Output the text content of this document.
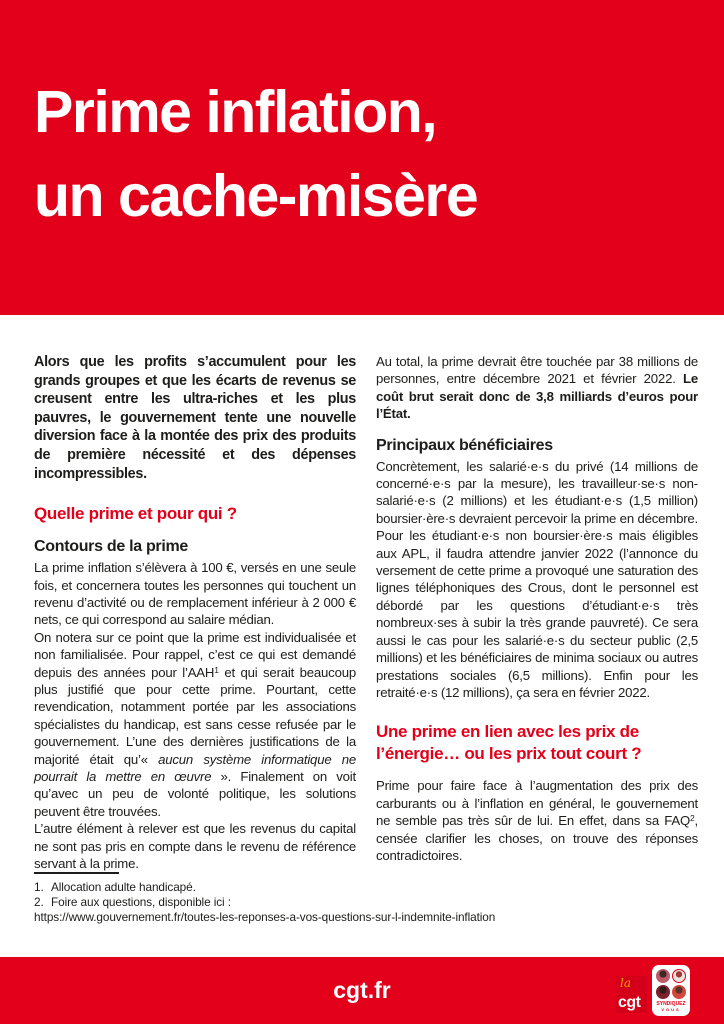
Prime inflation,
un cache-misère

Alors que les profits s’accumulent pour les grands groupes et que les écarts de revenus se creusent entre les ultra-riches et les plus pauvres, le gouvernement tente une nouvelle diversion face à la montée des prix des produits de première nécessité et des dépenses incompressibles.

Quelle prime et pour qui ?
Contours de la prime

La prime inflation s’élèvera à 100 €, versés en une seule fois, et concernera toutes les personnes qui touchent un revenu d’activité ou de remplacement inférieur à 2 000 € nets, ce qui correspond au salaire médian.

On notera sur ce point que la prime est individualisée et non familialisée. Pour rappel, c’est ce qui est demandé depuis des années pour l’AAH$^1$ et qui serait beaucoup plus justifié que pour cette prime. Pourtant, cette revendication, notamment portée par les associations spécialistes du handicap, est sans cesse refusée par le gouvernement. L’une des dernières justifications de la majorité était qu’« aucun système informatique ne pourrait la mettre en œuvre ». Finalement on voit qu’avec un peu de volonté politique, les solutions peuvent être trouvées.

L’autre élément à relever est que les revenus du capital ne sont pas pris en compte dans le revenu de référence servant à la prime.

Au total, la prime devrait être touchée par 38 millions de personnes, entre décembre 2021 et février 2022. Le coût brut serait donc de 3,8 milliards d’euros pour l’État.

Principaux bénéficiaires

Concrètement, les salarié·e·s du privé (14 millions de concerné·e·s par la mesure), les travailleur·se·s non-salarié·e·s (2 millions) et les étudiant·e·s (1,5 million) boursier·ère·s devraient percevoir la prime en décembre. Pour les étudiant·e·s non boursier·ère·s mais éligibles aux APL, il faudra attendre janvier 2022 (l’annonce du versement de cette prime a provoqué une saturation des lignes téléphoniques des Crous, dont le personnel est débordé par les questions d’étudiant·e·s très nombreux·ses à subir la très grande pauvreté). Ce sera aussi le cas pour les salarié·e·s du secteur public (2,5 millions) et les bénéficiaires de minima sociaux ou autres prestations sociales (6,5 millions). Enfin pour les retraité·e·s (12 millions), ça sera en février 2022.

Une prime en lien avec les prix de
l’énergie… ou les prix tout court ?

Prime pour faire face à l’augmentation des prix des carburants ou à l’inflation en général, le gouvernement ne semble pas très sûr de lui. En effet, dans sa FAQ$^2$, censée clarifier les choses, on trouve des réponses contradictoires.

1. Allocation adulte handicapé.
2. Foire aux questions, disponible ici :
https://www.gouvernement.fr/toutes-les-reponses-a-vos-questions-sur-l-indemnite-inflation
cgt.fr	la
cgt	SYNDIQUEZ
VOUS
